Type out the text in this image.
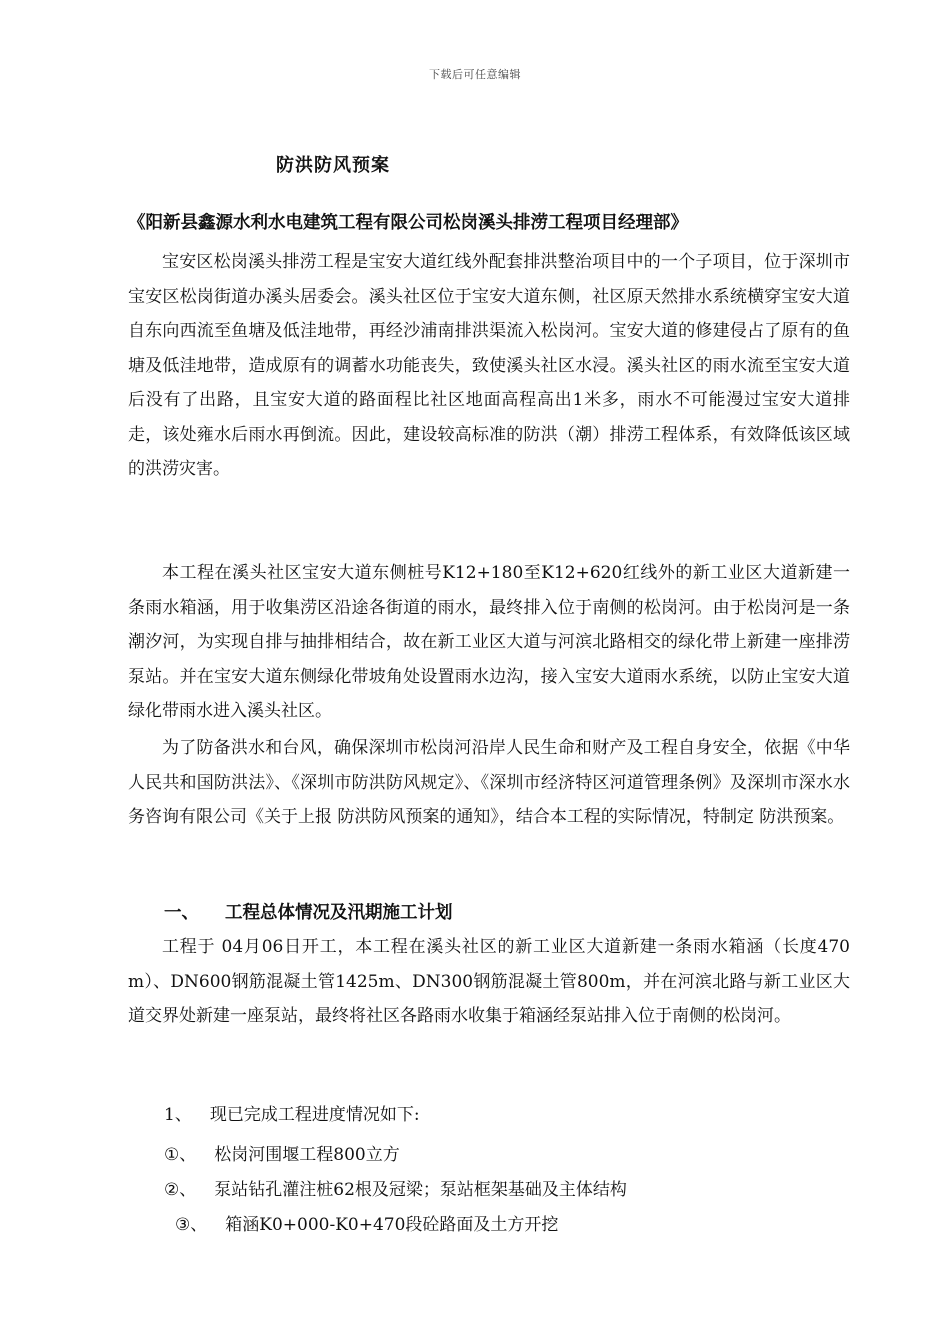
下载后可任意编辑
防洪防风预案
《阳新县鑫源水利水电建筑工程有限公司松岗溪头排涝工程项目经理部》

宝安区松岗溪头排涝工程是宝安大道红线外配套排洪整治项目中的一个子项目，位于深圳市宝安区松岗街道办溪头居委会。溪头社区位于宝安大道东侧，社区原天然排水系统横穿宝安大道自东向西流至鱼塘及低洼地带，再经沙浦南排洪渠流入松岗河。宝安大道的修建侵占了原有的鱼塘及低洼地带，造成原有的调蓄水功能丧失，致使溪头社区水浸。溪头社区的雨水流至宝安大道后没有了出路，且宝安大道的路面程比社区地面高程高出1米多，雨水不可能漫过宝安大道排走，该处雍水后雨水再倒流。因此，建设较高标准的防洪（潮）排涝工程体系，有效降低该区域的洪涝灾害。

本工程在溪头社区宝安大道东侧桩号K12+180至K12+620红线外的新工业区大道新建一条雨水箱涵，用于收集涝区沿途各街道的雨水，最终排入位于南侧的松岗河。由于松岗河是一条潮汐河，为实现自排与抽排相结合，故在新工业区大道与河滨北路相交的绿化带上新建一座排涝泵站。并在宝安大道东侧绿化带坡角处设置雨水边沟，接入宝安大道雨水系统，以防止宝安大道绿化带雨水进入溪头社区。

为了防备洪水和台风，确保深圳市松岗河沿岸人民生命和财产及工程自身安全，依据《中华人民共和国防洪法》、《深圳市防洪防风规定》、《深圳市经济特区河道管理条例》及深圳市深水水务咨询有限公司《关于上报 防洪防风预案的通知》，结合本工程的实际情况，特制定 防洪预案。

一、 工程总体情况及汛期施工计划

工程于 04月06日开工，本工程在溪头社区的新工业区大道新建一条雨水箱涵（长度470 m）、DN600钢筋混凝土管1425m、DN300钢筋混凝土管800m，并在河滨北路与新工业区大道交界处新建一座泵站，最终将社区各路雨水收集于箱涵经泵站排入位于南侧的松岗河。

1、 现已完成工程进度情况如下:
①、 松岗河围堰工程800立方
②、 泵站钻孔灌注桩62根及冠梁；泵站框架基础及主体结构
③、 箱涵K0+000-K0+470段砼路面及土方开挖
